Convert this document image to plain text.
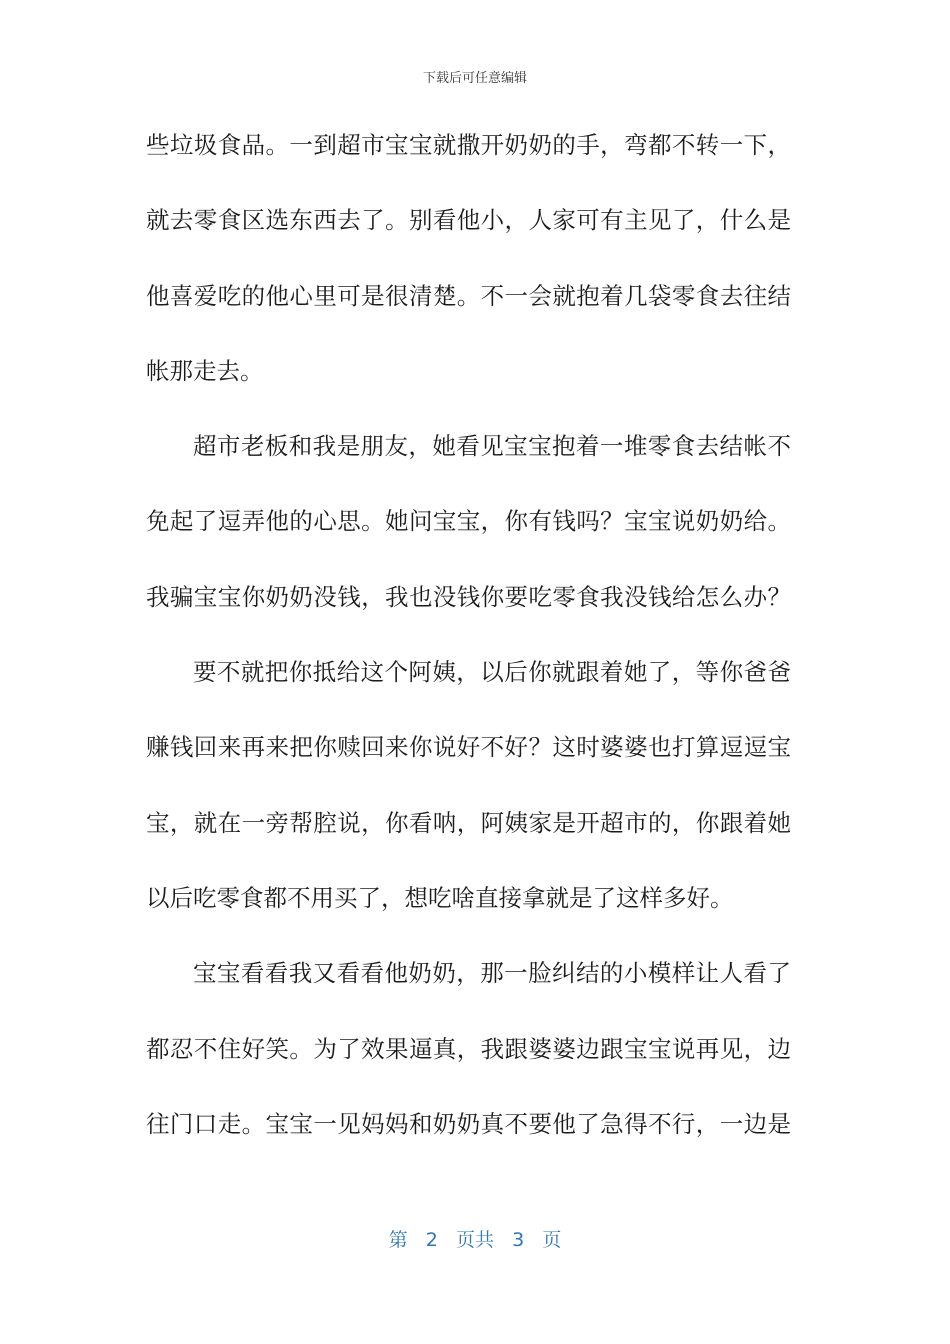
下载后可任意编辑
些垃圾食品。一到超市宝宝就撒开奶奶的手，弯都不转一下，
就去零食区选东西去了。别看他小，人家可有主见了，什么是
他喜爱吃的他心里可是很清楚。不一会就抱着几袋零食去往结
帐那走去。
超市老板和我是朋友，她看见宝宝抱着一堆零食去结帐不
免起了逗弄他的心思。她问宝宝，你有钱吗？宝宝说奶奶给。
我骗宝宝你奶奶没钱，我也没钱你要吃零食我没钱给怎么办？
要不就把你抵给这个阿姨，以后你就跟着她了，等你爸爸
赚钱回来再来把你赎回来你说好不好？这时婆婆也打算逗逗宝
宝，就在一旁帮腔说，你看呐，阿姨家是开超市的，你跟着她
以后吃零食都不用买了，想吃啥直接拿就是了这样多好。
宝宝看看我又看看他奶奶，那一脸纠结的小模样让人看了
都忍不住好笑。为了效果逼真，我跟婆婆边跟宝宝说再见，边
往门口走。宝宝一见妈妈和奶奶真不要他了急得不行，一边是
第 2 页共 3 页
